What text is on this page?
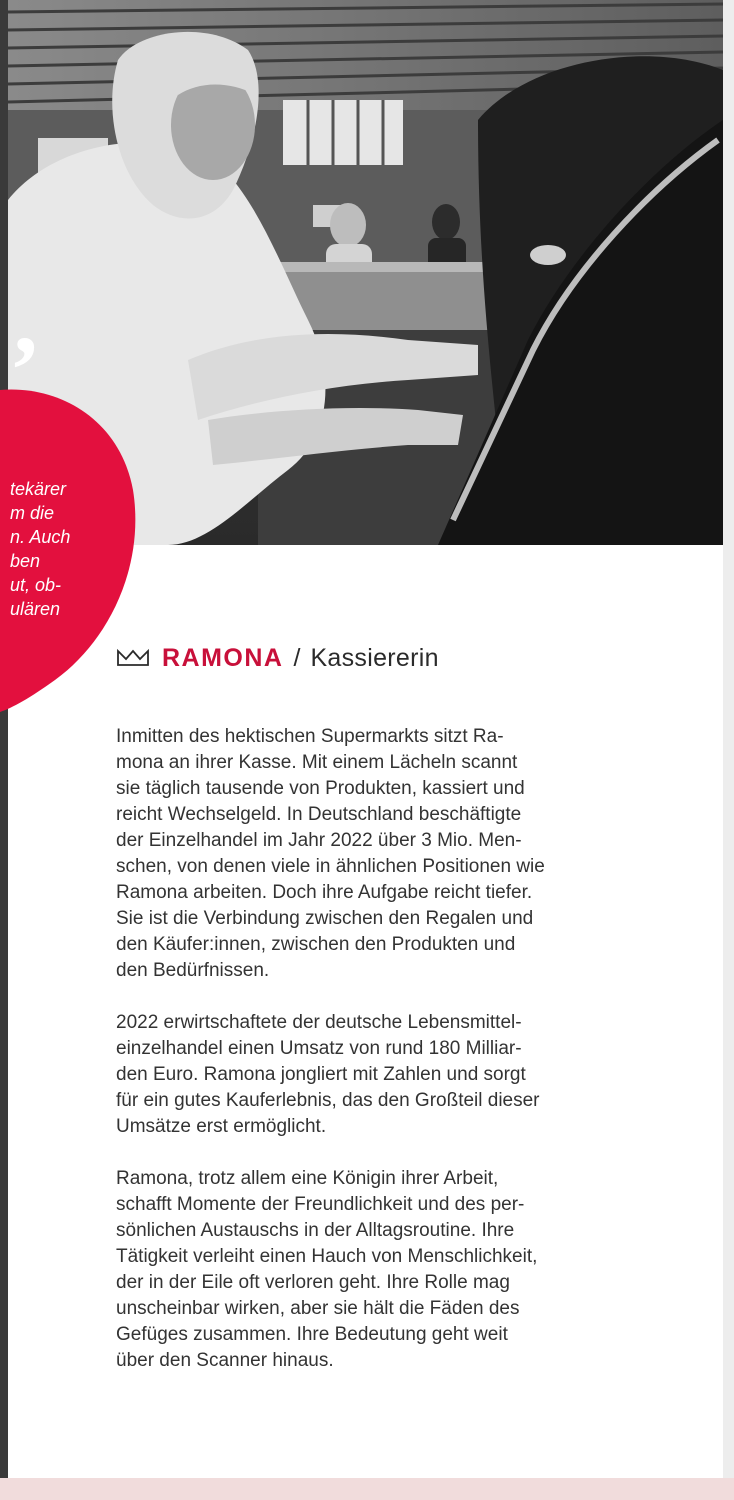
’
tekärer
m die
n. Auch
ben
ut, ob-
ulären
RAMONA / Kassiererin
Inmitten des hektischen Supermarkts sitzt Ra-
mona an ihrer Kasse. Mit einem Lächeln scannt
sie täglich tausende von Produkten, kassiert und
reicht Wechselgeld. In Deutschland beschäftigte
der Einzelhandel im Jahr 2022 über 3 Mio. Men-
schen, von denen viele in ähnlichen Positionen wie
Ramona arbeiten. Doch ihre Aufgabe reicht tiefer.
Sie ist die Verbindung zwischen den Regalen und
den Käufer:innen, zwischen den Produkten und
den Bedürfnissen.
2022 erwirtschaftete der deutsche Lebensmittel-
einzelhandel einen Umsatz von rund 180 Milliar-
den Euro. Ramona jongliert mit Zahlen und sorgt
für ein gutes Kauferlebnis, das den Großteil dieser
Umsätze erst ermöglicht.
Ramona, trotz allem eine Königin ihrer Arbeit,
schafft Momente der Freundlichkeit und des per-
sönlichen Austauschs in der Alltagsroutine. Ihre
Tätigkeit verleiht einen Hauch von Menschlichkeit,
der in der Eile oft verloren geht. Ihre Rolle mag
unscheinbar wirken, aber sie hält die Fäden des
Gefüges zusammen. Ihre Bedeutung geht weit
über den Scanner hinaus.
